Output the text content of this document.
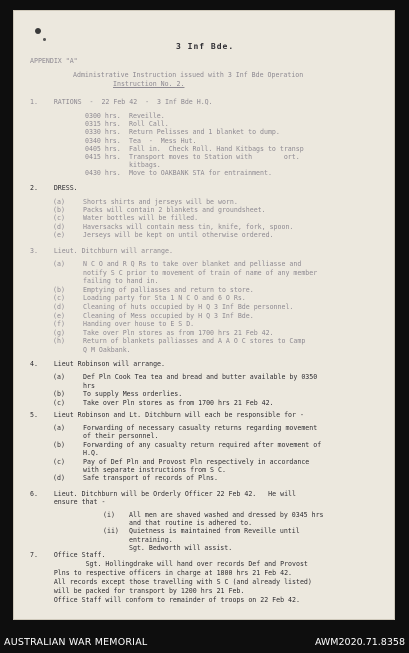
3 Inf Bde.
APPENDIX "A"
Administrative Instruction issued with 3 Inf Bde Operation
Instruction No. 2.
1.    RATIONS  -  22 Feb 42  -  3 Inf Bde H.Q.
0300 hrs. Reveille.
0315 hrs. Roll Call.
0330 hrs. Return Pelisses and 1 blanket to dump.
0340 hrs. Tea  -  Mess Hut.
0405 hrs. Fall in.  Check Roll. Hand Kitbags to transp
0415 hrs. Transport moves to Station with        ort.
kitbags.
0430 hrs. Move to OAKBANK STA for entrainment.
2.    DRESS.
(a)	Shorts shirts and jerseys will be worn.
(b)	Packs will contain 2 blankets and groundsheet.
(c)	Water bottles will be filled.
(d)	Haversacks will contain mess tin, knife, fork, spoon.
(e)	Jerseys will be kept on until otherwise ordered.
3.    Lieut. Ditchburn will arrange.
(a)	N C O and R Q Rs to take over blanket and pelliasse and
notify S C prior to movement of train of name of any member
failing to hand in.
(b)	Emptying of palliasses and return to store.
(c)	Loading party for Sta 1 N C O and 6 O Rs.
(d)	Cleaning of huts occupied by H Q 3 Inf Bde personnel.
(e)	Cleaning of Mess occupied by H Q 3 Inf Bde.
(f)	Handing over house to E S D.
(g)	Take over Pln stores as from 1700 hrs 21 Feb 42.
(h)	Return of blankets palliasses and A A O C stores to Camp
Q M Oakbank.
4.    Lieut Robinson will arrange.
(a)	Def Pln Cook Tea tea and bread and butter available by 0350
hrs
(b)	To supply Mess orderlies.
(c)	Take over Pln stores as from 1700 hrs 21 Feb 42.
5.    Lieut Robinson and Lt. Ditchburn will each be responsible for -
(a)	Forwarding of necessary casualty returns regarding movement
of their personnel.
(b)	Forwarding of any casualty return required after movement of
H.Q.
(c)	Pay of Def Pln and Provost Pln respectively in accordance
with separate instructions from S C.
(d)	Safe transport of records of Plns.
6.    Lieut. Ditchburn will be Orderly Officer 22 Feb 42.   He will
ensure that -
(i) All men are shaved washed and dressed by 0345 hrs
and that routine is adhered to.
(ii) Quietness is maintained from Reveille until
entraining.
Sgt. Bedworth will assist.
7.    Office Staff.
Sgt. Hollingdrake will hand over records Def and Provost
Plns to respective officers in charge at 1800 hrs 21 Feb 42.
All records except those travelling with S C (and already listed)
will be packed for transport by 1200 hrs 21 Feb.
Office Staff will conform to remainder of troops on 22 Feb 42.
AUSTRALIAN WAR MEMORIAL	AWM2020.71.8358
